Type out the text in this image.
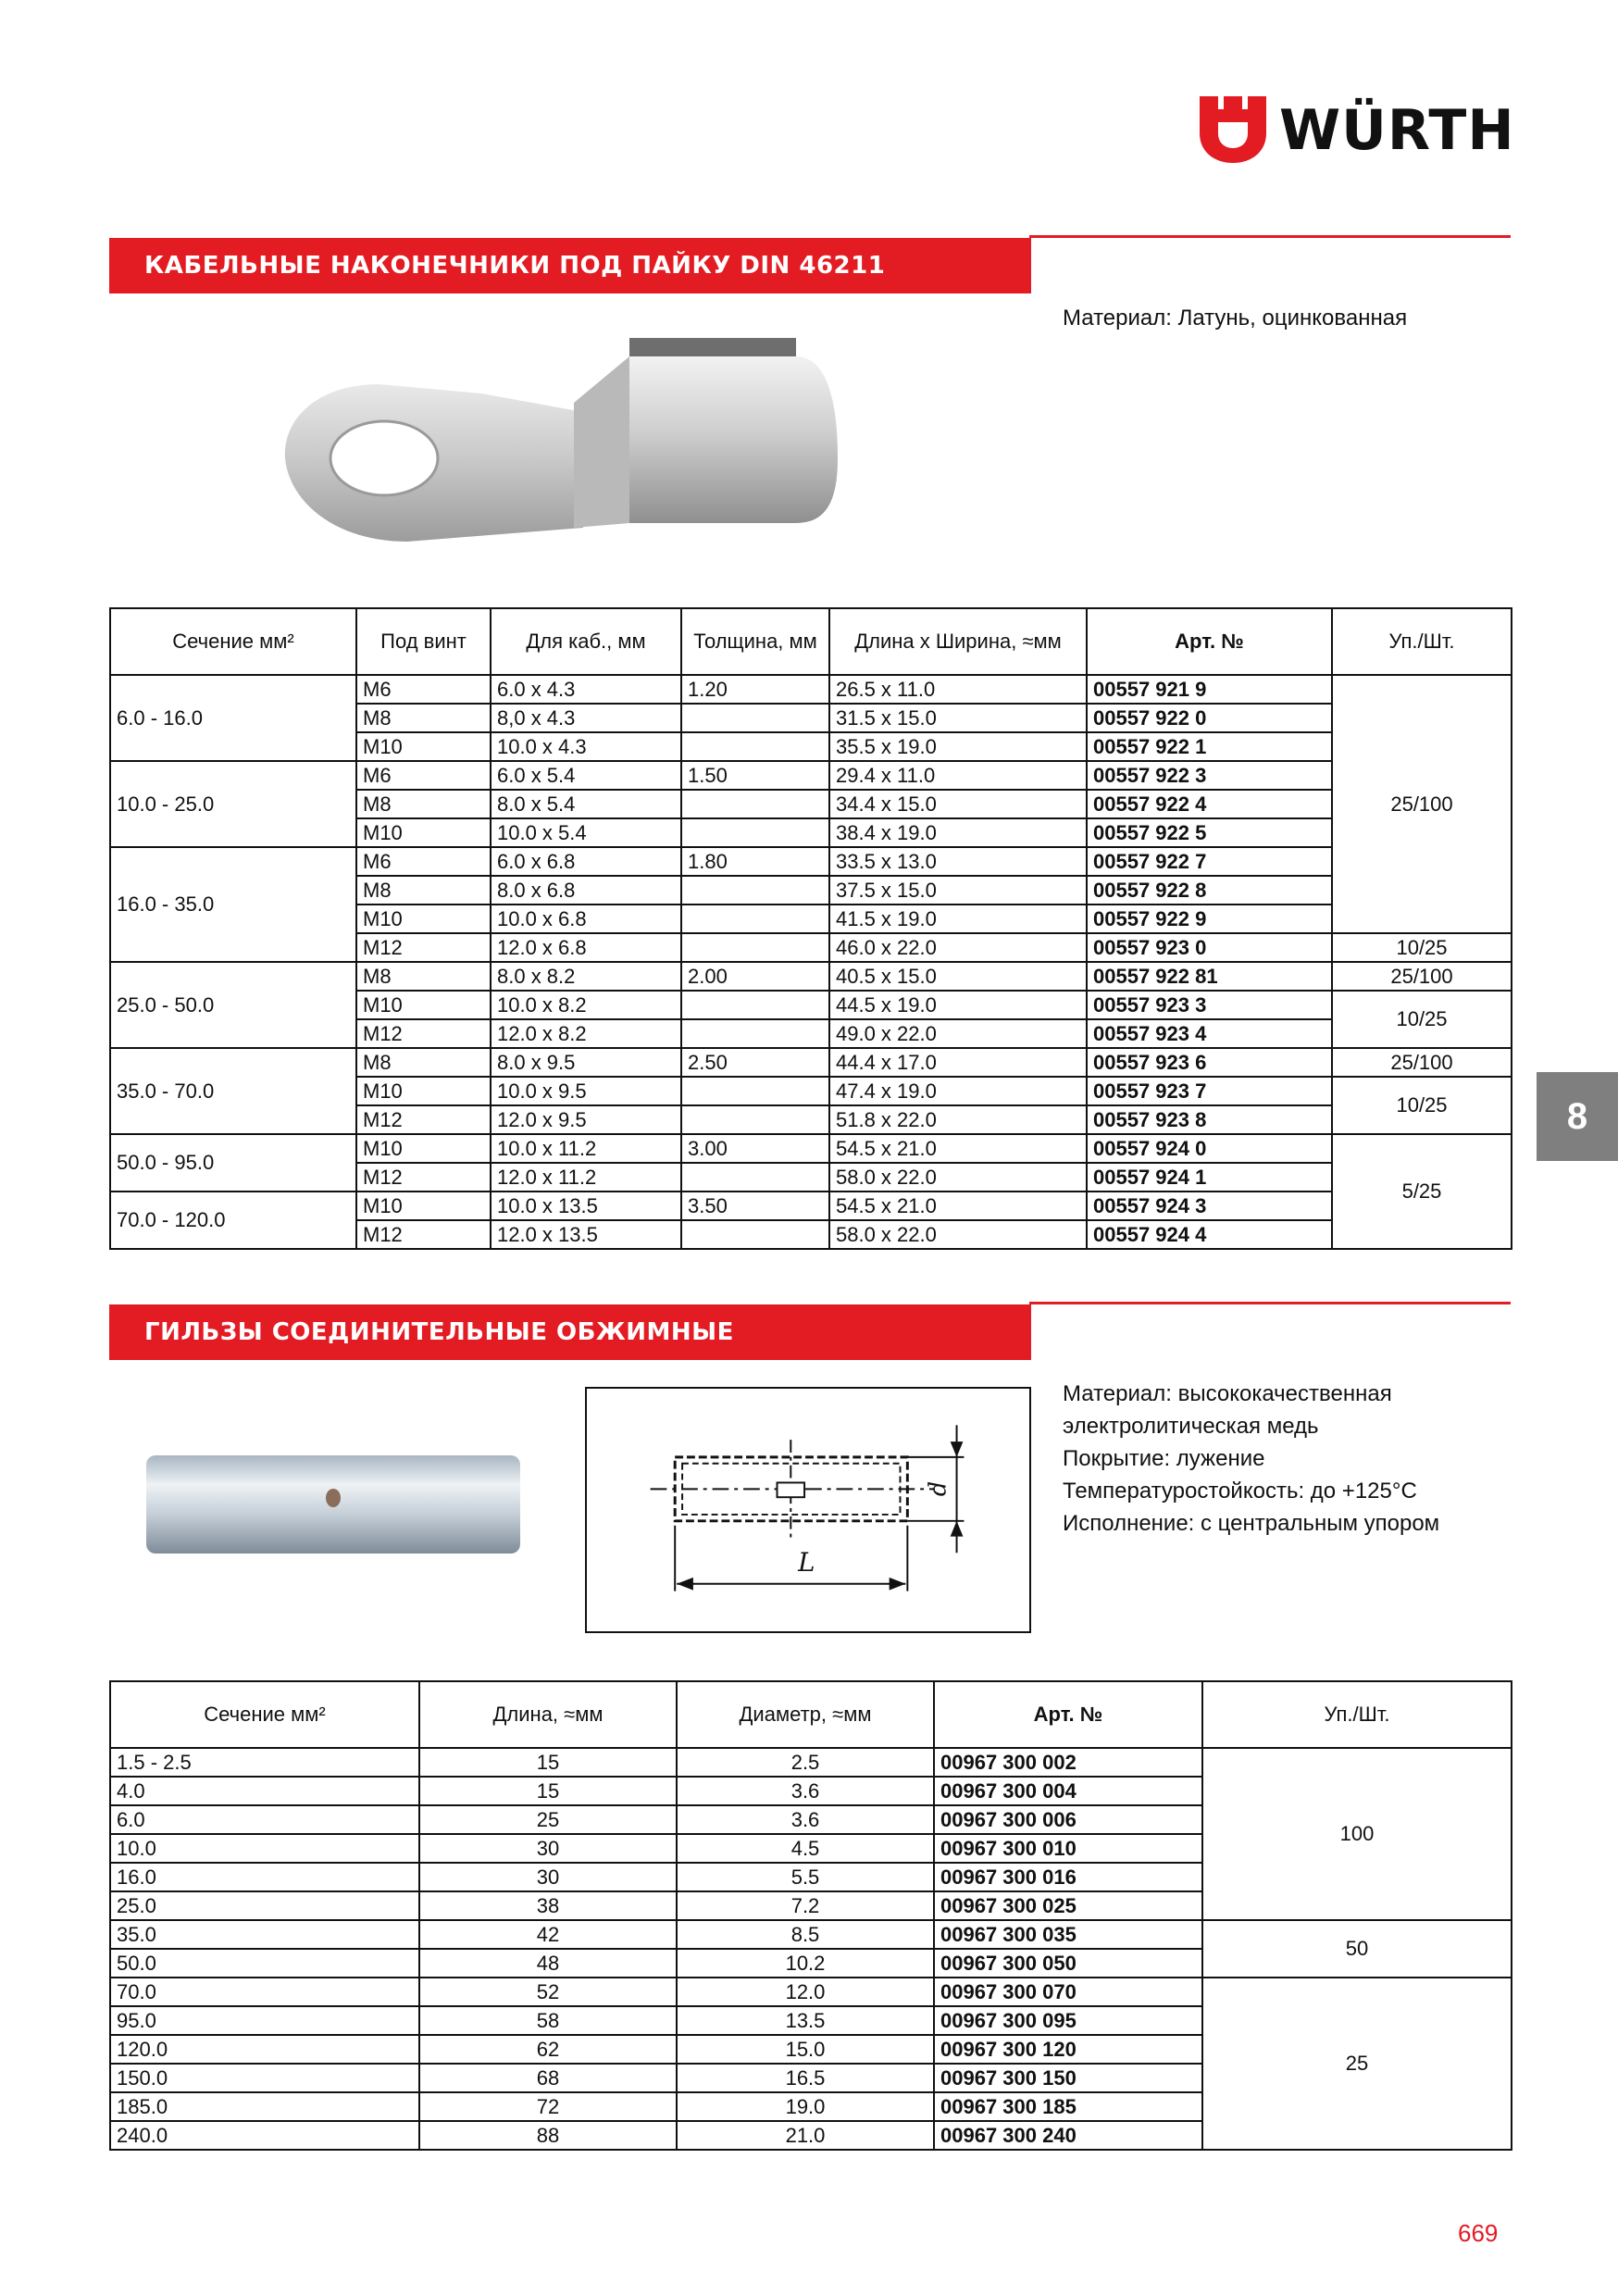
WÜRTH
КАБЕЛЬНЫЕ НАКОНЕЧНИКИ ПОД ПАЙКУ DIN 46211
Материал: Латунь, оцинкованная
Сечение мм²	Под винт	Для каб., мм	Толщина, мм	Длина х Ширина, ≈мм	Арт. №	Уп./Шт.
6.0 - 16.0	M6	6.0 x 4.3	1.20	26.5 x 11.0	00557 921 9	25/100
	M8	8,0 x 4.3		31.5 x 15.0	00557 922 0	
	M10	10.0 x 4.3		35.5 x 19.0	00557 922 1	
10.0 - 25.0	M6	6.0 x 5.4	1.50	29.4 x 11.0	00557 922 3	
	M8	8.0 x 5.4		34.4 x 15.0	00557 922 4	
	M10	10.0 x 5.4		38.4 x 19.0	00557 922 5	
16.0 - 35.0	M6	6.0 x 6.8	1.80	33.5 x 13.0	00557 922 7	
	M8	8.0 x 6.8		37.5 x 15.0	00557 922 8	
	M10	10.0 x 6.8		41.5 x 19.0	00557 922 9	
	M12	12.0 x 6.8		46.0 x 22.0	00557 923 0	10/25
25.0 - 50.0	M8	8.0 x 8.2	2.00	40.5 x 15.0	00557 922 81	25/100
	M10	10.0 x 8.2		44.5 x 19.0	00557 923 3	10/25
	M12	12.0 x 8.2		49.0 x 22.0	00557 923 4	
35.0 - 70.0	M8	8.0 x 9.5	2.50	44.4 x 17.0	00557 923 6	25/100
	M10	10.0 x 9.5		47.4 x 19.0	00557 923 7	10/25
	M12	12.0 x 9.5		51.8 x 22.0	00557 923 8	
50.0 - 95.0	M10	10.0 x 11.2	3.00	54.5 x 21.0	00557 924 0	5/25
	M12	12.0 x 11.2		58.0 x 22.0	00557 924 1	
70.0 - 120.0	M10	10.0 x 13.5	3.50	54.5 x 21.0	00557 924 3	
	M12	12.0 x 13.5		58.0 x 22.0	00557 924 4	
8
ГИЛЬЗЫ СОЕДИНИТЕЛЬНЫЕ ОБЖИМНЫЕ
L
d
Материал: высококачественная
электролитическая медь
Покрытие: лужение
Температуростойкость: до +125°C
Исполнение: с центральным упором
Сечение мм²	Длина, ≈мм	Диаметр, ≈мм	Арт. №	Уп./Шт.
1.5 - 2.5	15	2.5	00967 300 002	100
4.0	15	3.6	00967 300 004	
6.0	25	3.6	00967 300 006	
10.0	30	4.5	00967 300 010	
16.0	30	5.5	00967 300 016	
25.0	38	7.2	00967 300 025	
35.0	42	8.5	00967 300 035	50
50.0	48	10.2	00967 300 050	
70.0	52	12.0	00967 300 070	25
95.0	58	13.5	00967 300 095	
120.0	62	15.0	00967 300 120	
150.0	68	16.5	00967 300 150	
185.0	72	19.0	00967 300 185	
240.0	88	21.0	00967 300 240	
669
